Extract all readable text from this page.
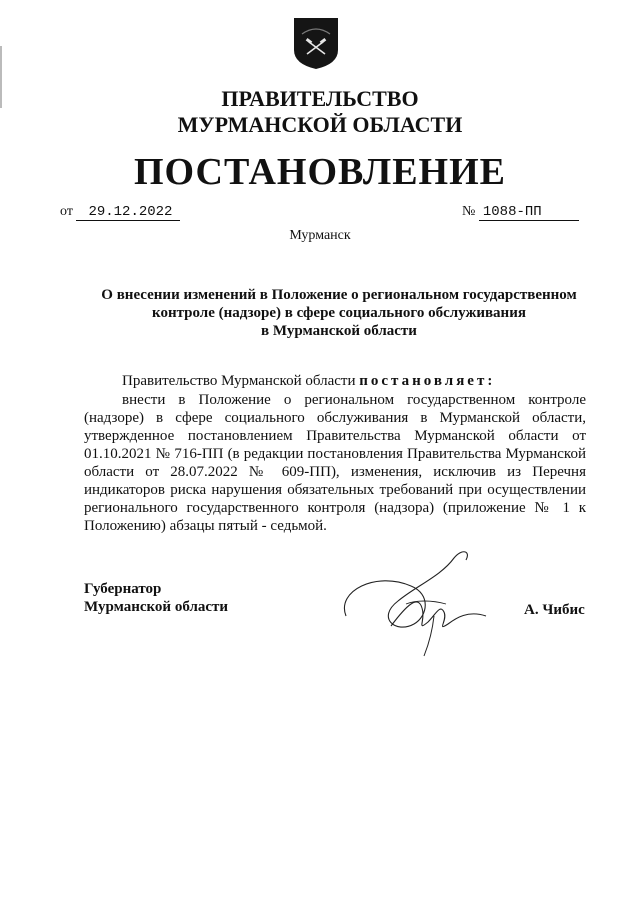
ПРАВИТЕЛЬСТВО
МУРМАНСКОЙ ОБЛАСТИ
ПОСТАНОВЛЕНИЕ
от 29.12.2022	№ 1088-ПП
Мурманск
О внесении изменений в Положение о региональном государственном
контроле (надзоре) в сфере социального обслуживания
в Мурманской области
Правительство Мурманской области постановляет:
внести в Положение о региональном государственном контроле (надзоре) в сфере социального обслуживания в Мурманской области, утвержденное постановлением Правительства Мурманской области от 01.10.2021 № 716-ПП (в редакции постановления Правительства Мурманской области от 28.07.2022 № 609-ПП), изменения, исключив из Перечня индикаторов риска нарушения обязательных требований при осуществлении регионального государственного контроля (надзора) (приложение № 1 к Положению) абзацы пятый - седьмой.
Губернатор
Мурманской области	А. Чибис
